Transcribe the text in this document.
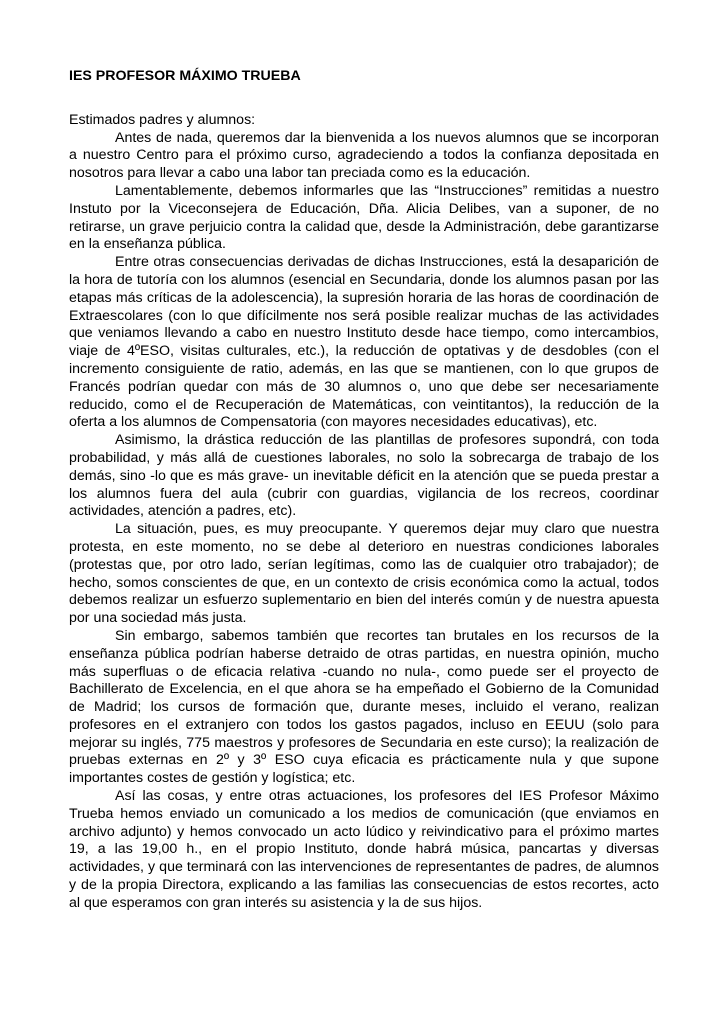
IES PROFESOR MÁXIMO TRUEBA

Estimados padres y alumnos:

Antes de nada, queremos dar la bienvenida a los nuevos alumnos que se incorporan a nuestro Centro para el próximo curso, agradeciendo a todos la confianza depositada en nosotros para llevar a cabo una labor tan preciada como es la educación.

Lamentablemente, debemos informarles que las “Instrucciones” remitidas a nuestro Instuto por la Viceconsejera de Educación, Dña. Alicia Delibes, van a suponer, de no retirarse, un grave perjuicio contra la calidad que, desde la Administración, debe garantizarse en la enseñanza pública.

Entre otras consecuencias derivadas de dichas Instrucciones, está la desaparición de la hora de tutoría con los alumnos (esencial en Secundaria, donde los alumnos pasan por las etapas más críticas de la adolescencia), la supresión horaria de las horas de coordinación de Extraescolares (con lo que difícilmente nos será posible realizar muchas de las actividades que veniamos llevando a cabo en nuestro Instituto desde hace tiempo, como intercambios, viaje de 4ºESO, visitas culturales, etc.), la reducción de optativas y de desdobles (con el incremento consiguiente de ratio, además, en las que se mantienen, con lo que grupos de Francés podrían quedar con más de 30 alumnos o, uno que debe ser necesariamente reducido, como el de Recuperación de Matemáticas, con veintitantos), la reducción de la oferta a los alumnos de Compensatoria (con mayores necesidades educativas), etc.

Asimismo, la drástica reducción de las plantillas de profesores supondrá, con toda probabilidad, y más allá de cuestiones laborales, no solo la sobrecarga de trabajo de los demás, sino -lo que es más grave- un inevitable déficit en la atención que se pueda prestar a los alumnos fuera del aula (cubrir con guardias, vigilancia de los recreos, coordinar actividades, atención a padres, etc).

La situación, pues, es muy preocupante. Y queremos dejar muy claro que nuestra protesta, en este momento, no se debe al deterioro en nuestras condiciones laborales (protestas que, por otro lado, serían legítimas, como las de cualquier otro trabajador); de hecho, somos conscientes de que, en un contexto de crisis económica como la actual, todos debemos realizar un esfuerzo suplementario en bien del interés común y de nuestra apuesta por una sociedad más justa.

Sin embargo, sabemos también que recortes tan brutales en los recursos de la enseñanza pública podrían haberse detraido de otras partidas, en nuestra opinión, mucho más superfluas o de eficacia relativa -cuando no nula-, como puede ser el proyecto de Bachillerato de Excelencia, en el que ahora se ha empeñado el Gobierno de la Comunidad de Madrid; los cursos de formación que, durante meses, incluido el verano, realizan profesores en el extranjero con todos los gastos pagados, incluso en EEUU (solo para mejorar su inglés, 775 maestros y profesores de Secundaria en este curso); la realización de pruebas externas en 2º y 3º ESO cuya eficacia es prácticamente nula y que supone importantes costes de gestión y logística; etc.

Así las cosas, y entre otras actuaciones, los profesores del IES Profesor Máximo Trueba hemos enviado un comunicado a los medios de comunicación (que enviamos en archivo adjunto) y hemos convocado un acto lúdico y reivindicativo para el próximo martes 19, a las 19,00 h., en el propio Instituto, donde habrá música, pancartas y diversas actividades, y que terminará con las intervenciones de representantes de padres, de alumnos y de la propia Directora, explicando a las familias las consecuencias de estos recortes, acto al que esperamos con gran interés su asistencia y la de sus hijos.
